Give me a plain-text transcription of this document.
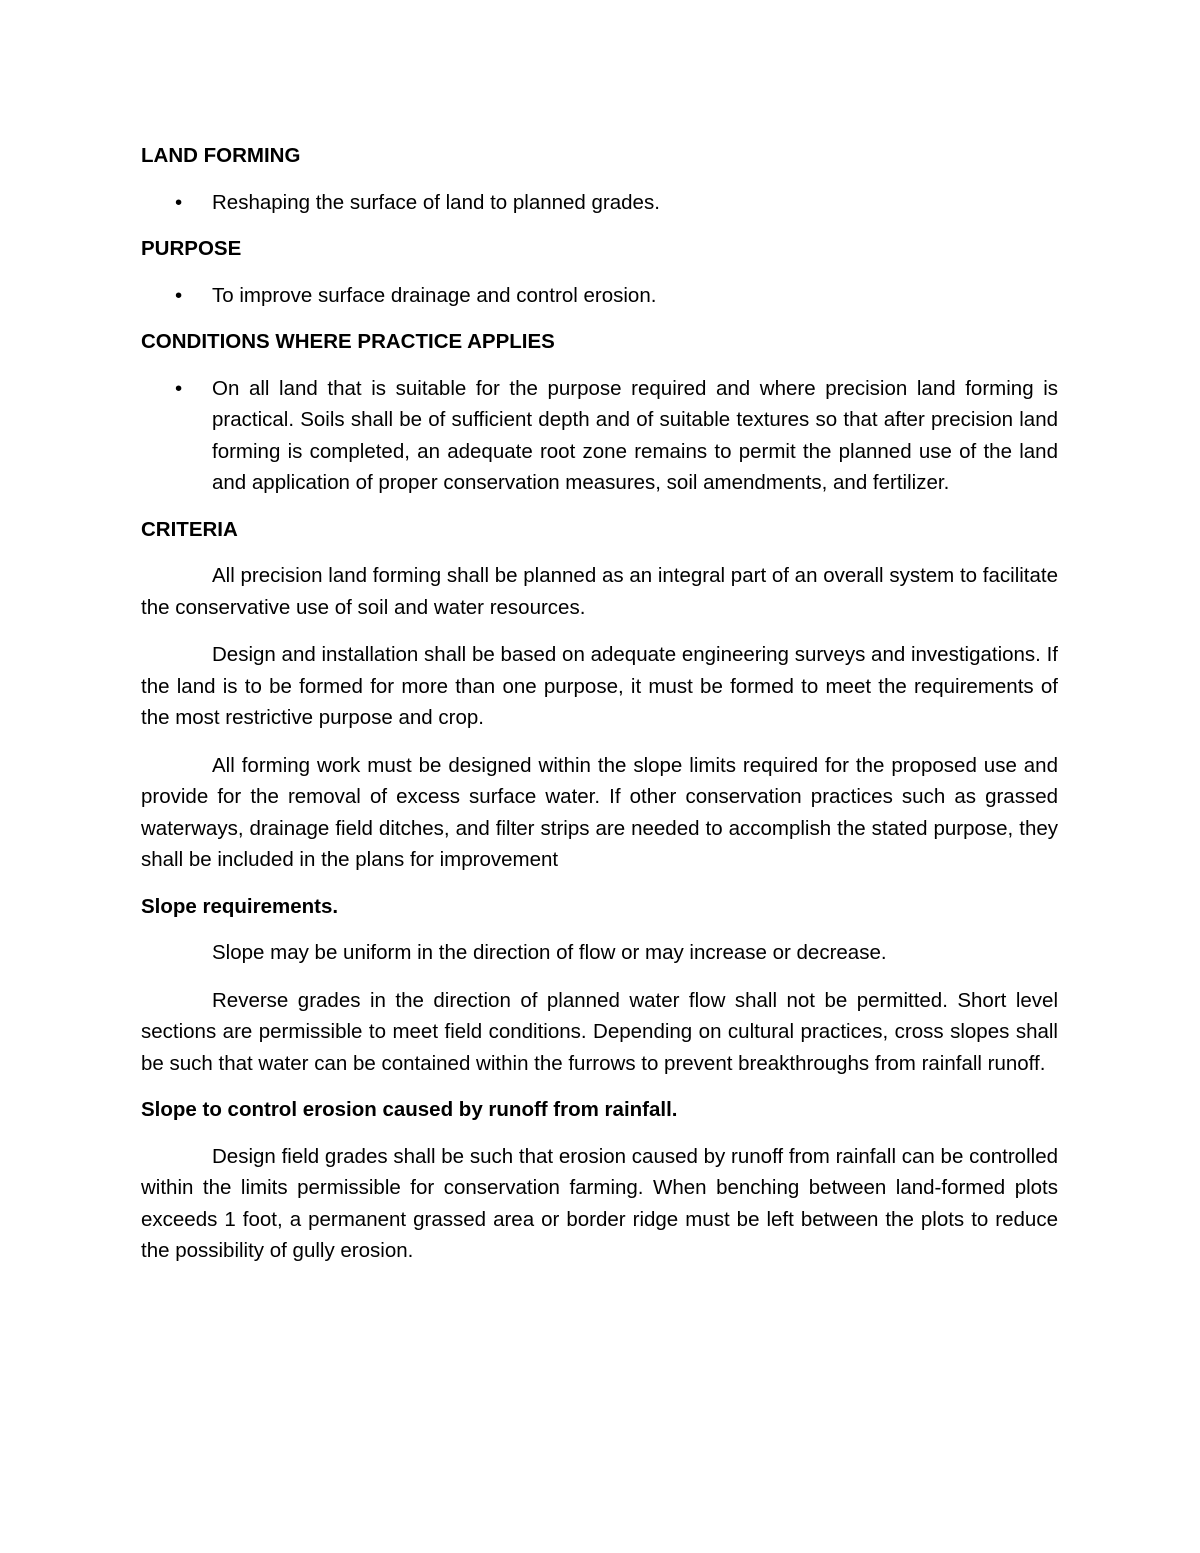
LAND FORMING

• Reshaping the surface of land to planned grades.

PURPOSE

• To improve surface drainage and control erosion.

CONDITIONS WHERE PRACTICE APPLIES

• On all land that is suitable for the purpose required and where precision land forming is practical. Soils shall be of sufficient depth and of suitable textures so that after precision land forming is completed, an adequate root zone remains to permit the planned use of the land and application of proper conservation measures, soil amendments, and fertilizer.

CRITERIA

All precision land forming shall be planned as an integral part of an overall system to facilitate the conservative use of soil and water resources.

Design and installation shall be based on adequate engineering surveys and investigations. If the land is to be formed for more than one purpose, it must be formed to meet the requirements of the most restrictive purpose and crop.

All forming work must be designed within the slope limits required for the proposed use and provide for the removal of excess surface water. If other conservation practices such as grassed waterways, drainage field ditches, and filter strips are needed to accomplish the stated purpose, they shall be included in the plans for improvement

Slope requirements.

Slope may be uniform in the direction of flow or may increase or decrease.

Reverse grades in the direction of planned water flow shall not be permitted. Short level sections are permissible to meet field conditions. Depending on cultural practices, cross slopes shall be such that water can be contained within the furrows to prevent breakthroughs from rainfall runoff.

Slope to control erosion caused by runoff from rainfall.

Design field grades shall be such that erosion caused by runoff from rainfall can be controlled within the limits permissible for conservation farming. When benching between land-formed plots exceeds 1 foot, a permanent grassed area or border ridge must be left between the plots to reduce the possibility of gully erosion.
